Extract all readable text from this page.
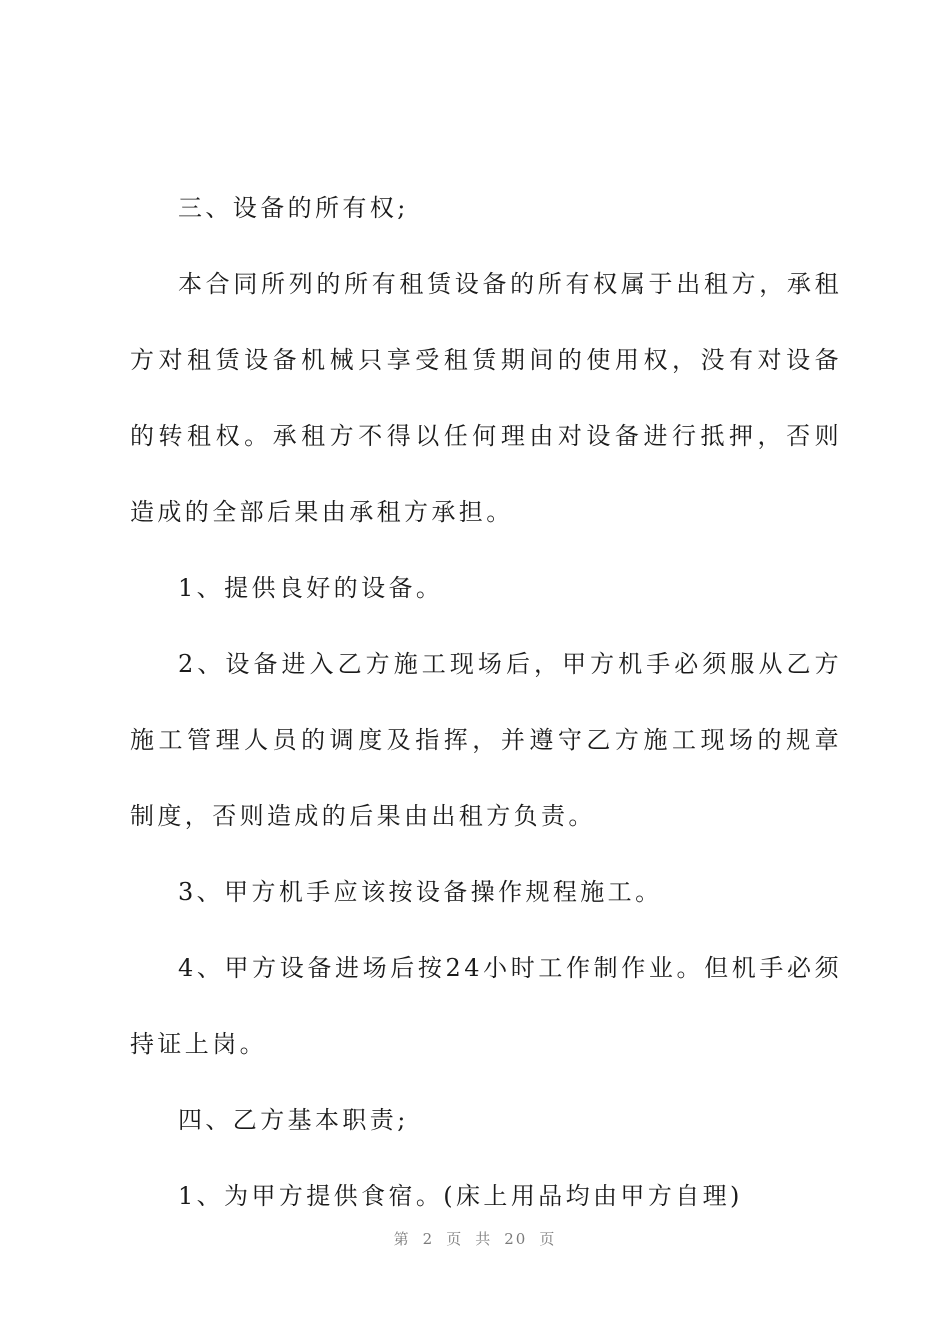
三、设备的所有权;

本合同所列的所有租赁设备的所有权属于出租方，承租方对租赁设备机械只享受租赁期间的使用权，没有对设备的转租权。承租方不得以任何理由对设备进行抵押，否则造成的全部后果由承租方承担。

1、提供良好的设备。

2、设备进入乙方施工现场后，甲方机手必须服从乙方施工管理人员的调度及指挥，并遵守乙方施工现场的规章制度，否则造成的后果由出租方负责。

3、甲方机手应该按设备操作规程施工。

4、甲方设备进场后按24小时工作制作业。但机手必须持证上岗。

四、乙方基本职责;

1、为甲方提供食宿。(床上用品均由甲方自理)

第 2 页 共 20 页
